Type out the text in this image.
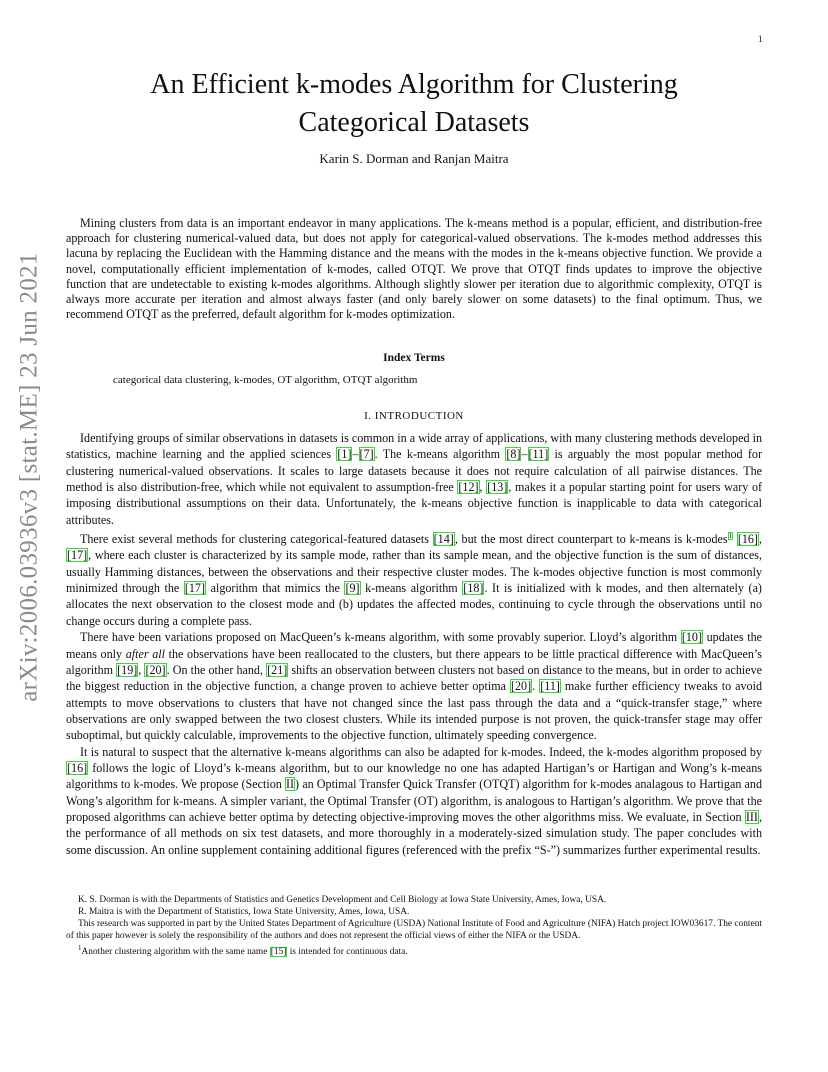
1
arXiv:2006.03936v3 [stat.ME] 23 Jun 2021
An Efficient k-modes Algorithm for Clustering
Categorical Datasets
Karin S. Dorman and Ranjan Maitra

Mining clusters from data is an important endeavor in many applications. The k-means method is a popular, efficient, and distribution-free approach for clustering numerical-valued data, but does not apply for categorical-valued observations. The k-modes method addresses this lacuna by replacing the Euclidean with the Hamming distance and the means with the modes in the k-means objective function. We provide a novel, computationally efficient implementation of k-modes, called OTQT. We prove that OTQT finds updates to improve the objective function that are undetectable to existing k-modes algorithms. Although slightly slower per iteration due to algorithmic complexity, OTQT is always more accurate per iteration and almost always faster (and only barely slower on some datasets) to the final optimum. Thus, we recommend OTQT as the preferred, default algorithm for k-modes optimization.

Index Terms
categorical data clustering, k-modes, OT algorithm, OTQT algorithm
I. INTRODUCTION

Identifying groups of similar observations in datasets is common in a wide array of applications, with many clustering methods developed in statistics, machine learning and the applied sciences [1]–[7]. The k-means algorithm [8]–[11] is arguably the most popular method for clustering numerical-valued observations. It scales to large datasets because it does not require calculation of all pairwise distances. The method is also distribution-free, which while not equivalent to assumption-free [12], [13], makes it a popular starting point for users wary of imposing distributional assumptions on their data. Unfortunately, the k-means objective function is inapplicable to data with categorical attributes.

There exist several methods for clustering categorical-featured datasets [14], but the most direct counterpart to k-means is k-modes$^1$ [16], [17], where each cluster is characterized by its sample mode, rather than its sample mean, and the objective function is the sum of distances, usually Hamming distances, between the observations and their respective cluster modes. The k-modes objective function is most commonly minimized through the [17] algorithm that mimics the [9] k-means algorithm [18]. It is initialized with k modes, and then alternately (a) allocates the next observation to the closest mode and (b) updates the affected modes, continuing to cycle through the observations until no change occurs during a complete pass.

There have been variations proposed on MacQueen’s k-means algorithm, with some provably superior. Lloyd’s algorithm [10] updates the means only after all the observations have been reallocated to the clusters, but there appears to be little practical difference with MacQueen’s algorithm [19], [20]. On the other hand, [21] shifts an observation between clusters not based on distance to the means, but in order to achieve the biggest reduction in the objective function, a change proven to achieve better optima [20]. [11] make further efficiency tweaks to avoid attempts to move observations to clusters that have not changed since the last pass through the data and a “quick-transfer stage,” where observations are only swapped between the two closest clusters. While its intended purpose is not proven, the quick-transfer stage may offer suboptimal, but quickly calculable, improvements to the objective function, ultimately speeding convergence.

It is natural to suspect that the alternative k-means algorithms can also be adapted for k-modes. Indeed, the k-modes algorithm proposed by [16] follows the logic of Lloyd’s k-means algorithm, but to our knowledge no one has adapted Hartigan’s or Hartigan and Wong’s k-means algorithms to k-modes. We propose (Section II) an Optimal Transfer Quick Transfer (OTQT) algorithm for k-modes analagous to Hartigan and Wong’s algorithm for k-means. A simpler variant, the Optimal Transfer (OT) algorithm, is analogous to Hartigan’s algorithm. We prove that the proposed algorithms can achieve better optima by detecting objective-improving moves the other algorithms miss. We evaluate, in Section III, the performance of all methods on six test datasets, and more thoroughly in a moderately-sized simulation study. The paper concludes with some discussion. An online supplement containing additional figures (referenced with the prefix “S-”) summarizes further experimental results.

K. S. Dorman is with the Departments of Statistics and Genetics Development and Cell Biology at Iowa State University, Ames, Iowa, USA.

R. Maitra is with the Department of Statistics, Iowa State University, Ames, Iowa, USA.

This research was supported in part by the United States Department of Agriculture (USDA) National Institute of Food and Agriculture (NIFA) Hatch project IOW03617. The content of this paper however is solely the responsibility of the authors and does not represent the official views of either the NIFA or the USDA.

$^1$Another clustering algorithm with the same name [15] is intended for continuous data.
